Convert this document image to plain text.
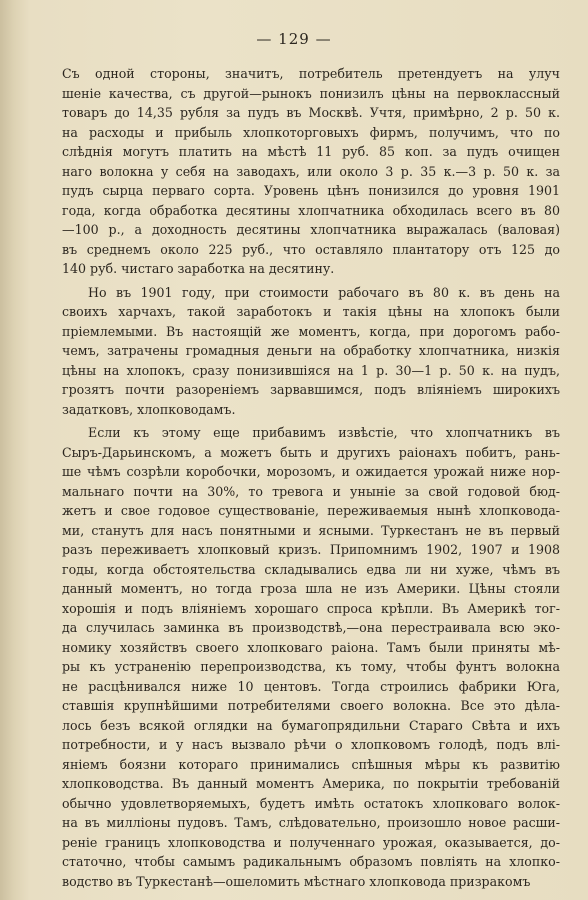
— 129 —

Съ одной стороны, значитъ, потребитель претендуетъ на улуч
шеніе качества, съ другой—рынокъ понизилъ цѣны на первоклассный
товаръ до 14,35 рубля за пудъ въ Москвѣ. Учтя, примѣрно, 2 р. 50 к.
на расходы и прибыль хлопкоторговыхъ фирмъ, получимъ, что по
слѣднія могутъ платить на мѣстѣ 11 руб. 85 коп. за пудъ очищен
наго волокна у себя на заводахъ, или около 3 р. 35 к.—3 р. 50 к. за
пудъ сырца перваго сорта. Уровень цѣнъ понизился до уровня 1901
года, когда обработка десятины хлопчатника обходилась всего въ 80
—100 р., а доходность десятины хлопчатника выражалась (валовая)
въ среднемъ около 225 руб., что оставляло плантатору отъ 125 до
140 руб. чистаго заработка на десятину.
Но въ 1901 году, при стоимости рабочаго въ 80 к. въ день на
своихъ харчахъ, такой заработокъ и такія цѣны на хлопокъ были
пріемлемыми. Въ настоящій же моментъ, когда, при дорогомъ рабо-
чемъ, затрачены громадныя деньги на обработку хлопчатника, низкія
цѣны на хлопокъ, сразу понизившіяся на 1 р. 30—1 р. 50 к. на пудъ,
грозятъ почти разореніемъ зарвавшимся, подъ вліяніемъ широкихъ
задатковъ, хлопководамъ.
Если къ этому еще прибавимъ извѣстіе, что хлопчатникъ въ
Сыръ-Дарьинскомъ, а можетъ быть и другихъ раіонахъ побитъ, рань-
ше чѣмъ созрѣли коробочки, морозомъ, и ожидается урожай ниже нор-
мальнаго почти на 30%, то тревога и уныніе за свой годовой бюд-
жетъ и свое годовое существованіе, переживаемыя нынѣ хлопковода-
ми, станутъ для насъ понятными и ясными. Туркестанъ не въ первый
разъ переживаетъ хлопковый кризъ. Припомнимъ 1902, 1907 и 1908
годы, когда обстоятельства складывались едва ли ни хуже, чѣмъ въ
данный моментъ, но тогда гроза шла не изъ Америки. Цѣны стояли
хорошія и подъ вліяніемъ хорошаго спроса крѣпли. Въ Америкѣ тог-
да случилась заминка въ производствѣ,—она перестраивала всю эко-
номику хозяйствъ своего хлопковаго раіона. Тамъ были приняты мѣ-
ры къ устраненію перепроизводства, къ тому, чтобы фунтъ волокна
не расцѣнивался ниже 10 центовъ. Тогда строились фабрики Юга,
ставшія крупнѣйшими потребителями своего волокна. Все это дѣла-
лось безъ всякой оглядки на бумагопрядильни Стараго Свѣта и ихъ
потребности, и у насъ вызвало рѣчи о хлопковомъ голодѣ, подъ влі-
яніемъ боязни котораго принимались спѣшныя мѣры къ развитію
хлопководства. Въ данный моментъ Америка, по покрытіи требованій
обычно удовлетворяемыхъ, будетъ имѣть остатокъ хлопковаго волок-
на въ милліоны пудовъ. Тамъ, слѣдовательно, произошло новое расши-
реніе границъ хлопководства и полученнаго урожая, оказывается, до-
статочно, чтобы самымъ радикальнымъ образомъ повліять на хлопко-
водство въ Туркестанѣ—ошеломить мѣстнаго хлопковода призракомъ
